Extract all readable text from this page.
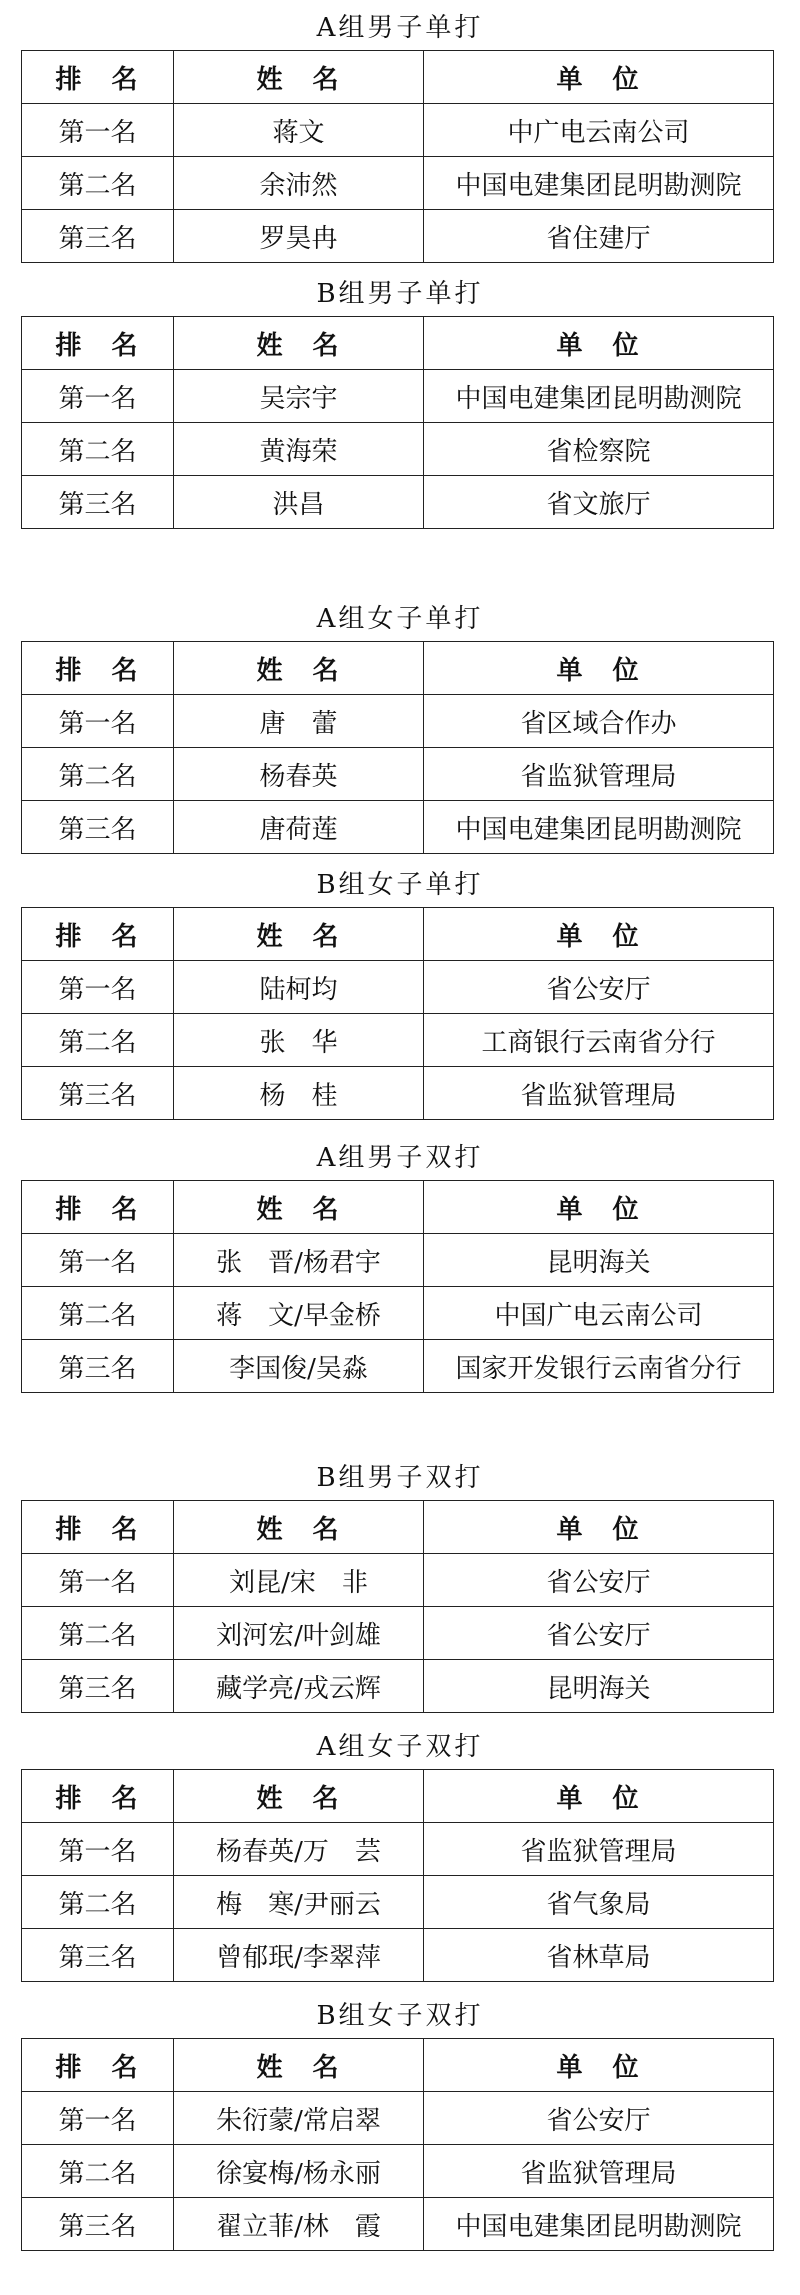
A组男子单打
排　名	姓　名	单　位
第一名	蒋文	中广电云南公司
第二名	余沛然	中国电建集团昆明勘测院
第三名	罗昊冉	省住建厅
B组男子单打
排　名	姓　名	单　位
第一名	吴宗宇	中国电建集团昆明勘测院
第二名	黄海荣	省检察院
第三名	洪昌	省文旅厅
A组女子单打
排　名	姓　名	单　位
第一名	唐　蕾	省区域合作办
第二名	杨春英	省监狱管理局
第三名	唐荷莲	中国电建集团昆明勘测院
B组女子单打
排　名	姓　名	单　位
第一名	陆柯均	省公安厅
第二名	张　华	工商银行云南省分行
第三名	杨　桂	省监狱管理局
A组男子双打
排　名	姓　名	单　位
第一名	张　晋/杨君宇	昆明海关
第二名	蒋　文/早金桥	中国广电云南公司
第三名	李国俊/吴淼	国家开发银行云南省分行
B组男子双打
排　名	姓　名	单　位
第一名	刘昆/宋　非	省公安厅
第二名	刘河宏/叶剑雄	省公安厅
第三名	藏学亮/戎云辉	昆明海关
A组女子双打
排　名	姓　名	单　位
第一名	杨春英/万　芸	省监狱管理局
第二名	梅　寒/尹丽云	省气象局
第三名	曾郁珉/李翠萍	省林草局
B组女子双打
排　名	姓　名	单　位
第一名	朱衍蒙/常启翠	省公安厅
第二名	徐宴梅/杨永丽	省监狱管理局
第三名	翟立菲/林　霞	中国电建集团昆明勘测院
